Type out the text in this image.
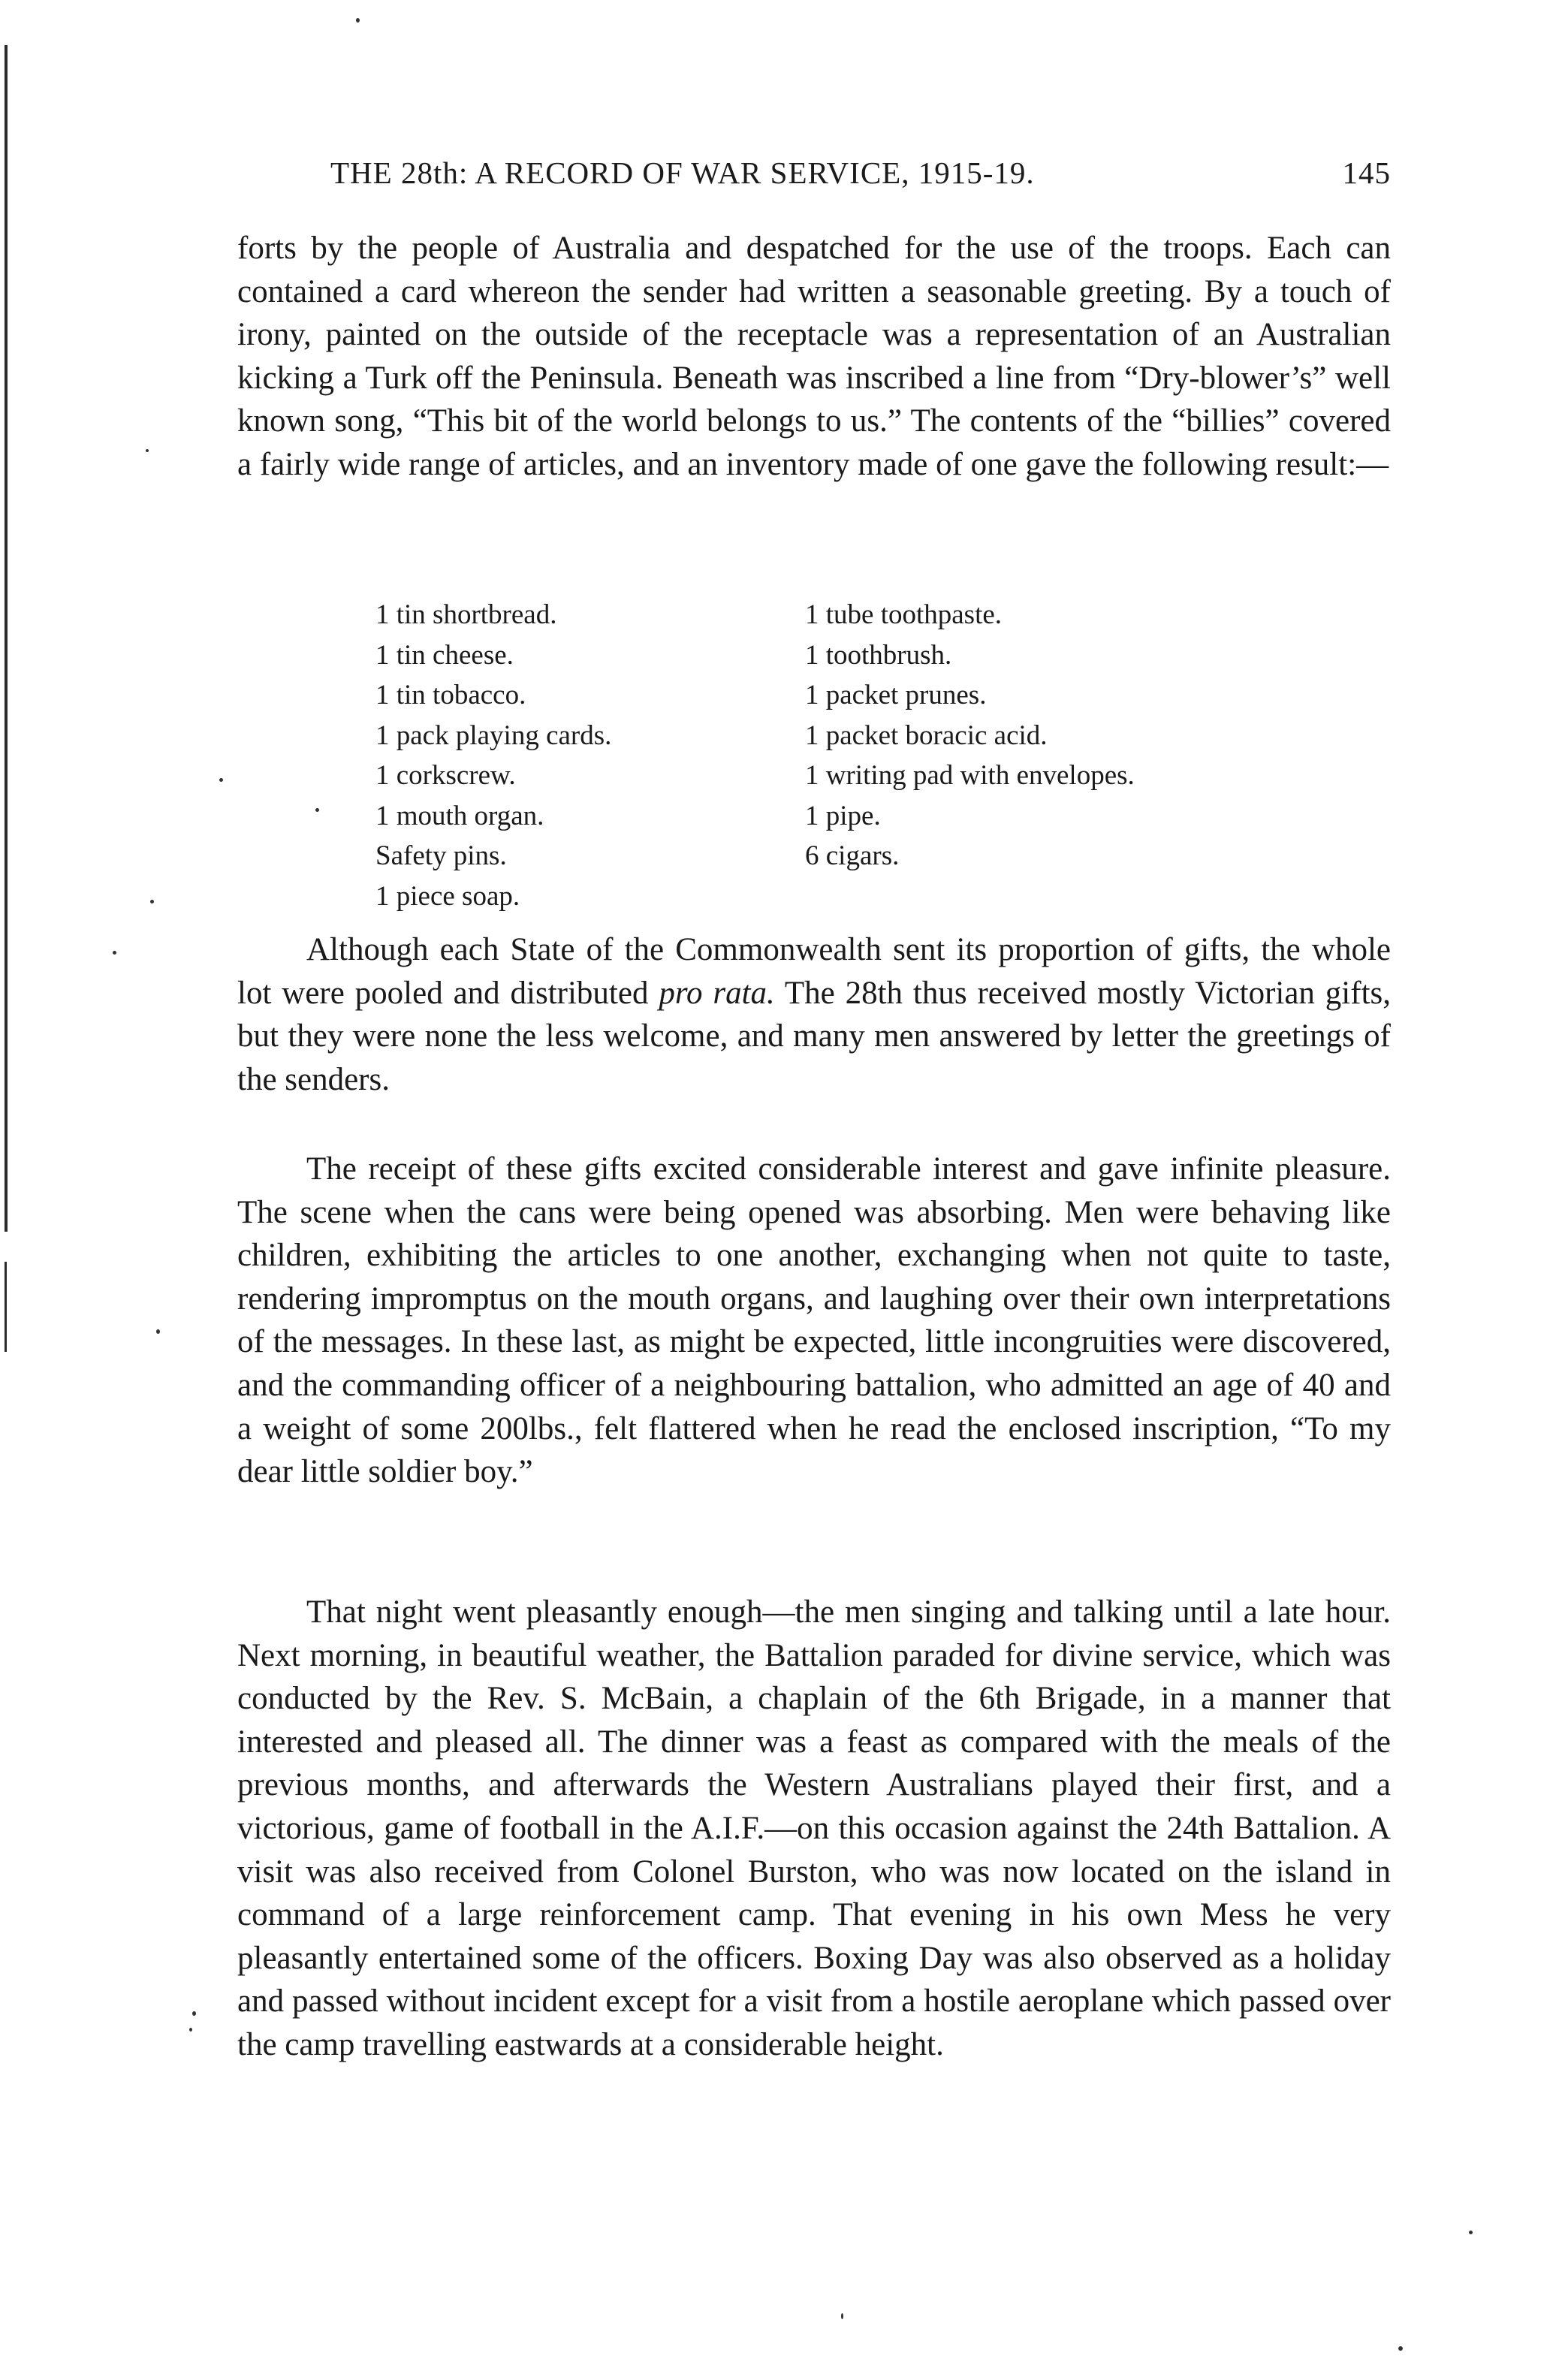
THE 28th: A RECORD OF WAR SERVICE, 1915-19.	145

forts by the people of Australia and despatched for the use of the troops. Each can contained a card whereon the sender had written a seasonable greeting. By a touch of irony, painted on the outside of the receptacle was a representation of an Australian kicking a Turk off the Peninsula. Beneath was inscribed a line from “Dry-blower’s” well known song, “This bit of the world belongs to us.” The contents of the “billies” covered a fairly wide range of articles, and an inventory made of one gave the following result:—

1 tin shortbread.
1 tin cheese.
1 tin tobacco.
1 pack playing cards.
1 corkscrew.
1 mouth organ.
Safety pins.
1 piece soap.
1 tube toothpaste.
1 toothbrush.
1 packet prunes.
1 packet boracic acid.
1 writing pad with envelopes.
1 pipe.
6 cigars.

Although each State of the Commonwealth sent its proportion of gifts, the whole lot were pooled and distributed pro rata. The 28th thus received mostly Victorian gifts, but they were none the less welcome, and many men answered by letter the greetings of the senders.

The receipt of these gifts excited considerable interest and gave infinite pleasure. The scene when the cans were being opened was absorbing. Men were behaving like children, exhibiting the articles to one another, exchanging when not quite to taste, rendering impromptus on the mouth organs, and laughing over their own interpretations of the messages. In these last, as might be expected, little incongruities were discovered, and the commanding officer of a neighbouring battalion, who admitted an age of 40 and a weight of some 200lbs., felt flattered when he read the enclosed inscription, “To my dear little soldier boy.”

That night went pleasantly enough—the men singing and talking until a late hour. Next morning, in beautiful weather, the Battalion paraded for divine service, which was conducted by the Rev. S. McBain, a chaplain of the 6th Brigade, in a manner that interested and pleased all. The dinner was a feast as compared with the meals of the previous months, and afterwards the Western Australians played their first, and a victorious, game of football in the A.I.F.—on this occasion against the 24th Battalion. A visit was also received from Colonel Burston, who was now located on the island in command of a large reinforcement camp. That evening in his own Mess he very pleasantly entertained some of the officers. Boxing Day was also observed as a holiday and passed without incident except for a visit from a hostile aeroplane which passed over the camp travelling eastwards at a considerable height.
